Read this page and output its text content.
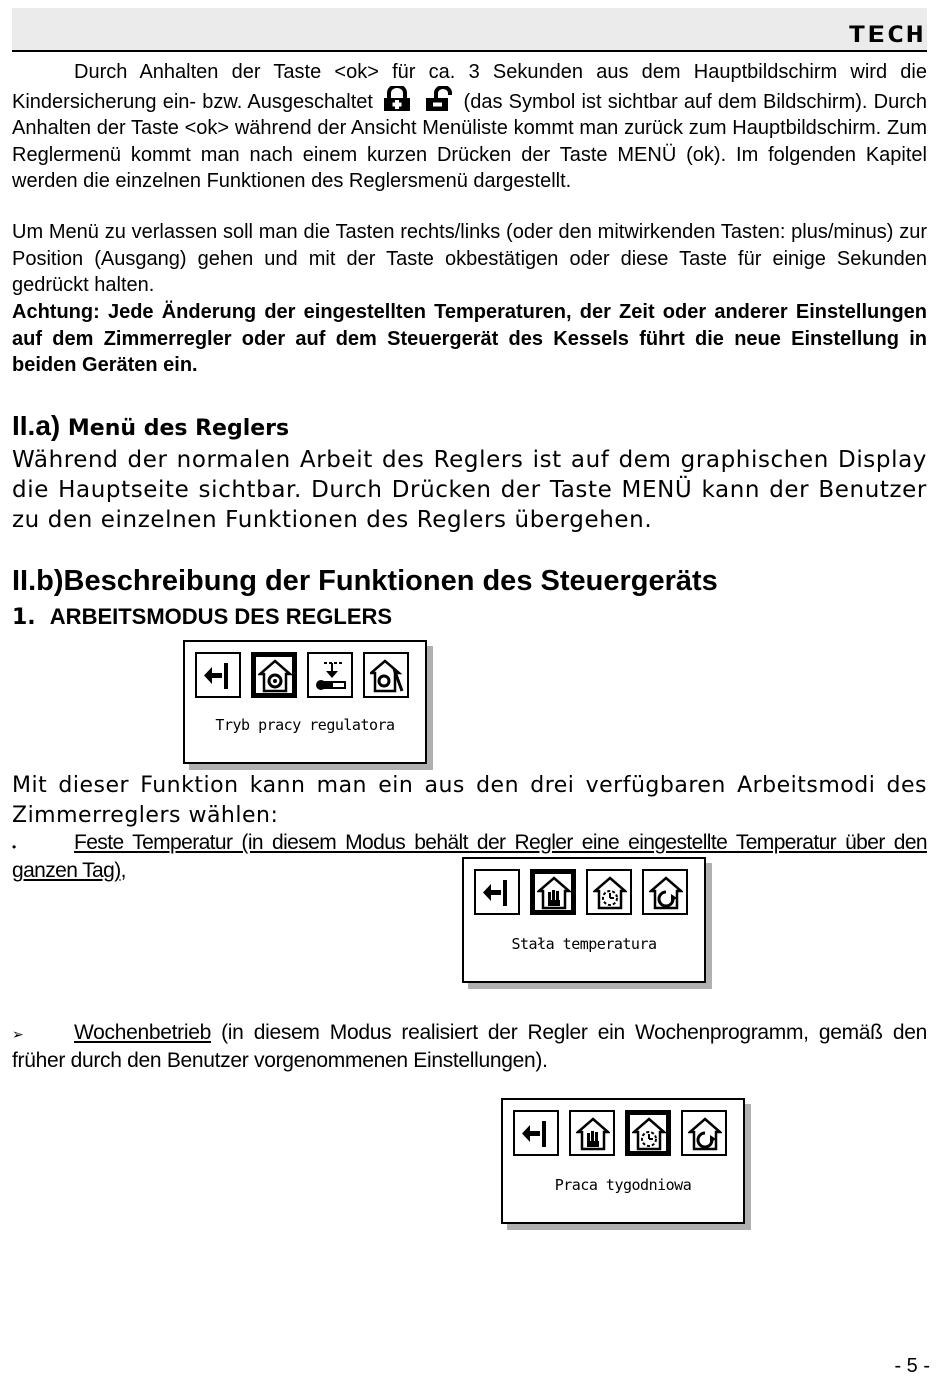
TECH

Durch Anhalten der Taste <ok> für ca. 3 Sekunden aus dem Hauptbildschirm wird die Kindersicherung ein- bzw. Ausgeschaltet	(das Symbol ist sichtbar auf dem Bildschirm). Durch Anhalten der Taste <ok> während der Ansicht Menüliste kommt man zurück zum Hauptbildschirm. Zum Reglermenü kommt man nach einem kurzen Drücken der Taste MENÜ (ok). Im folgenden Kapitel werden die einzelnen Funktionen des Reglersmenü dargestellt.

Um Menü zu verlassen soll man die Tasten rechts/links (oder den mitwirkenden Tasten: plus/minus) zur Position (Ausgang) gehen und mit der Taste okbestätigen oder diese Taste für einige Sekunden gedrückt halten.

Achtung: Jede Änderung der eingestellten Temperaturen, der Zeit oder anderer Einstellungen auf dem Zimmerregler oder auf dem Steuergerät des Kessels führt die neue Einstellung in beiden Geräten ein.

II.a) Menü des Reglers

Während der normalen Arbeit des Reglers ist auf dem graphischen Display die Hauptseite sichtbar. Durch Drücken der Taste MENÜ kann der Benutzer zu den einzelnen Funktionen des Reglers übergehen.

II.b)Beschreibung der Funktionen des Steuergeräts

1. ARBEITSMODUS DES REGLERS

Tryb pracy regulatora

Mit dieser Funktion kann man ein aus den drei verfügbaren Arbeitsmodi des Zimmerreglers wählen:

•	Feste Temperatur (in diesem Modus behält der Regler eine eingestellte Temperatur über den ganzen Tag),

Stała temperatura
➢	Wochenbetrieb (in diesem Modus realisiert der Regler ein Wochenprogramm, gemäß den früher durch den Benutzer vorgenommenen Einstellungen).

Praca tygodniowa
- 5 -
